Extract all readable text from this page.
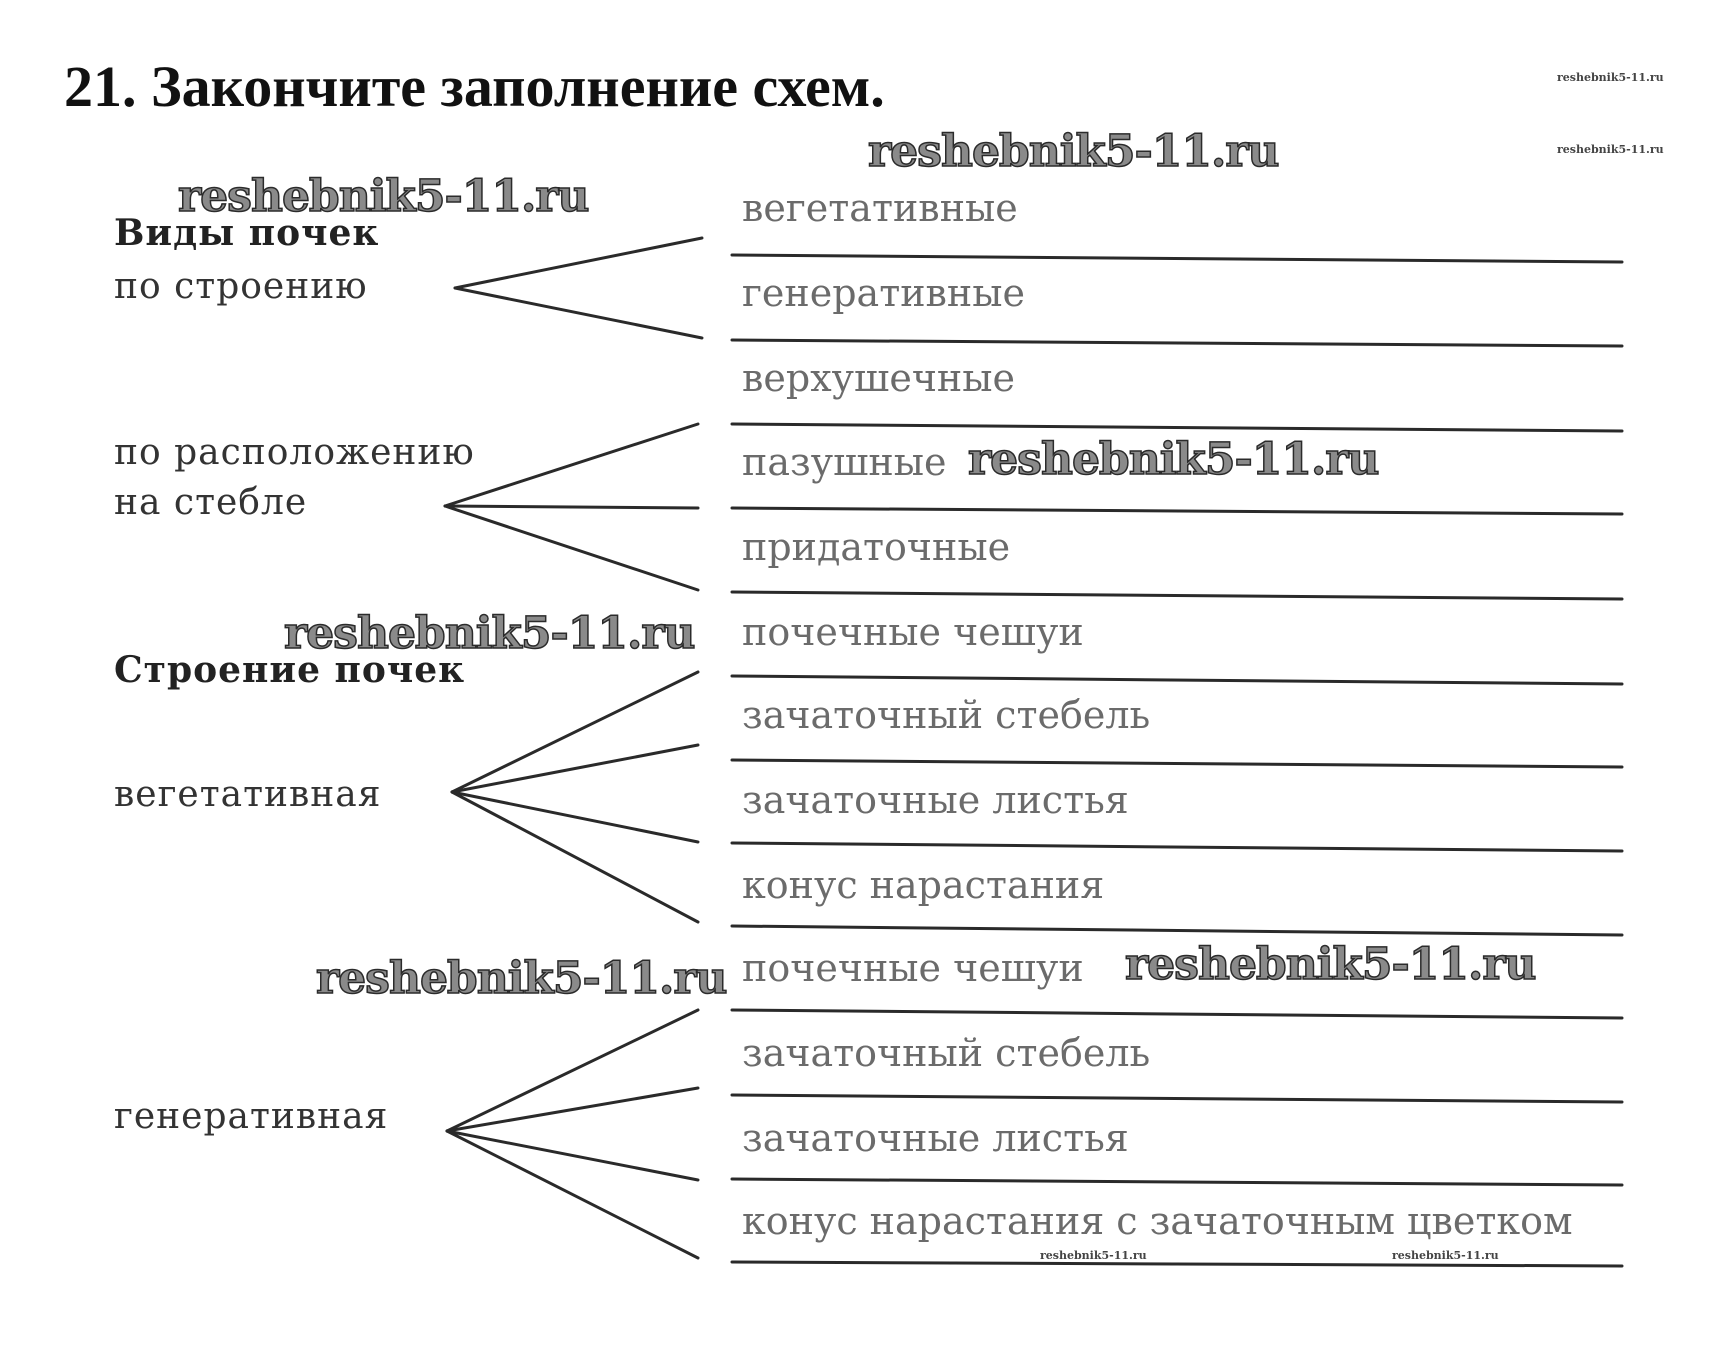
21. Закончите заполнение схем.
Виды почек
по строению
по расположению
на стебле
Строение почек
вегетативная
генеративная
вегетативные
генеративные
верхушечные
пазушные
придаточные
почечные чешуи
зачаточный стебель
зачаточные листья
конус нарастания
почечные чешуи
зачаточный стебель
зачаточные листья
конус нарастания с зачаточным цветком
reshebnik5-11.ru
reshebnik5-11.ru
reshebnik5-11.ru
reshebnik5-11.ru
reshebnik5-11.ru	reshebnik5-11.ru
reshebnik5-11.ru
reshebnik5-11.ru
reshebnik5-11.ru	reshebnik5-11.ru
